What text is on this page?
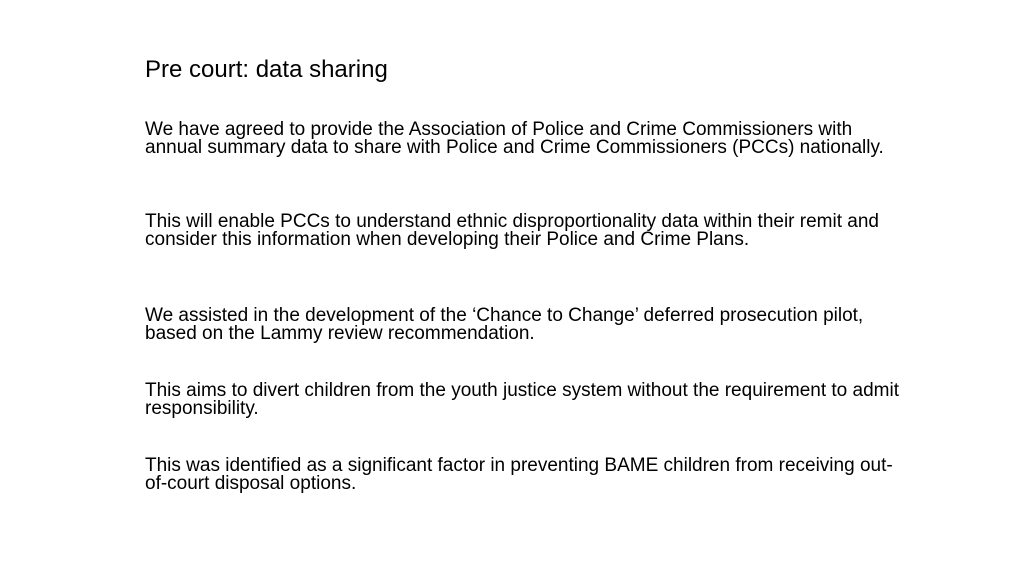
Pre court: data sharing

We have agreed to provide the Association of Police and Crime Commissioners with annual summary data to share with Police and Crime Commissioners (PCCs) nationally.

This will enable PCCs to understand ethnic disproportionality data within their remit and consider this information when developing their Police and Crime Plans.

We assisted in the development of the ‘Chance to Change’ deferred prosecution pilot, based on the Lammy review recommendation.

This aims to divert children from the youth justice system without the requirement to admit responsibility.

This was identified as a significant factor in preventing BAME children from receiving out-of-court disposal options.
